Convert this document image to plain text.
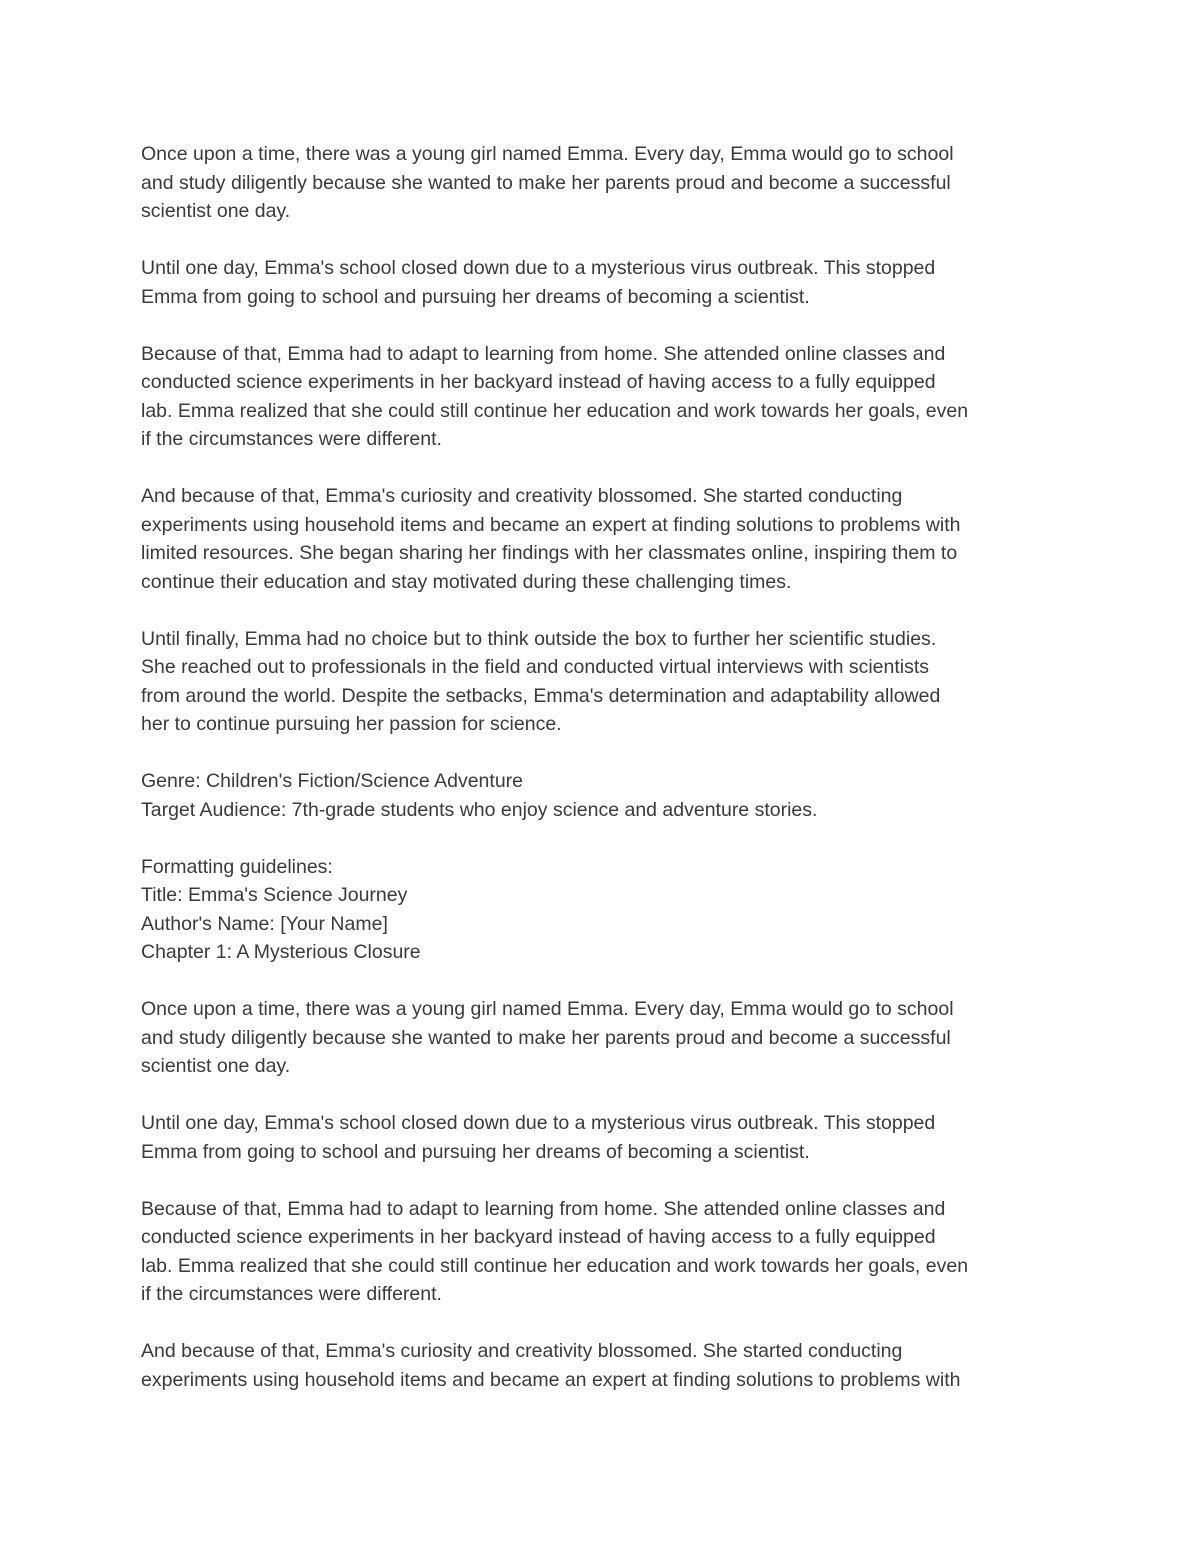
Once upon a time, there was a young girl named Emma. Every day, Emma would go to school
and study diligently because she wanted to make her parents proud and become a successful
scientist one day.
Until one day, Emma's school closed down due to a mysterious virus outbreak. This stopped
Emma from going to school and pursuing her dreams of becoming a scientist.
Because of that, Emma had to adapt to learning from home. She attended online classes and
conducted science experiments in her backyard instead of having access to a fully equipped
lab. Emma realized that she could still continue her education and work towards her goals, even
if the circumstances were different.
And because of that, Emma's curiosity and creativity blossomed. She started conducting
experiments using household items and became an expert at finding solutions to problems with
limited resources. She began sharing her findings with her classmates online, inspiring them to
continue their education and stay motivated during these challenging times.
Until finally, Emma had no choice but to think outside the box to further her scientific studies.
She reached out to professionals in the field and conducted virtual interviews with scientists
from around the world. Despite the setbacks, Emma's determination and adaptability allowed
her to continue pursuing her passion for science.
Genre: Children's Fiction/Science Adventure
Target Audience: 7th-grade students who enjoy science and adventure stories.
Formatting guidelines:
Title: Emma's Science Journey
Author's Name: [Your Name]
Chapter 1: A Mysterious Closure
Once upon a time, there was a young girl named Emma. Every day, Emma would go to school
and study diligently because she wanted to make her parents proud and become a successful
scientist one day.
Until one day, Emma's school closed down due to a mysterious virus outbreak. This stopped
Emma from going to school and pursuing her dreams of becoming a scientist.
Because of that, Emma had to adapt to learning from home. She attended online classes and
conducted science experiments in her backyard instead of having access to a fully equipped
lab. Emma realized that she could still continue her education and work towards her goals, even
if the circumstances were different.
And because of that, Emma's curiosity and creativity blossomed. She started conducting
experiments using household items and became an expert at finding solutions to problems with
